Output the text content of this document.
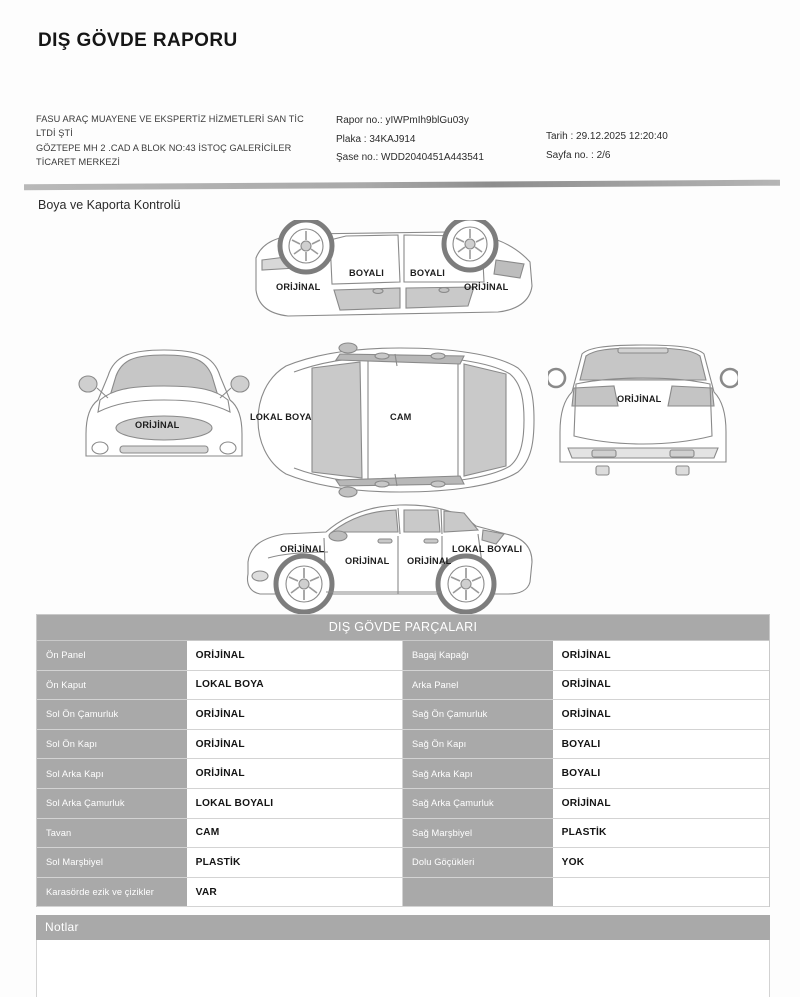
DIŞ GÖVDE RAPORU
FASU ARAÇ MUAYENE VE EKSPERTİZ HİZMETLERİ SAN TİC
LTDİ ŞTİ
GÖZTEPE MH 2 .CAD A BLOK NO:43 İSTOÇ GALERİCİLER
TİCARET MERKEZİ
Rapor no.: yIWPmIh9blGu03y
Plaka : 34KAJ914
Şase no.: WDD2040451A443541
Tarih : 29.12.2025 12:20:40
Sayfa no. : 2/6
Boya ve Kaporta Kontrolü
ORİJİNAL
BOYALI	BOYALI
ORİJİNAL
ORİJİNAL
LOKAL BOYA	CAM
ORİJİNAL
ORİJİNAL
ORİJİNAL ORİJİNAL
LOKAL BOYALI
DIŞ GÖVDE PARÇALARI
Ön Panel	ORİJİNAL	Bagaj Kapağı	ORİJİNAL
Ön Kaput	LOKAL BOYA	Arka Panel	ORİJİNAL
Sol Ön Çamurluk	ORİJİNAL	Sağ Ön Çamurluk	ORİJİNAL
Sol Ön Kapı	ORİJİNAL	Sağ Ön Kapı	BOYALI
Sol Arka Kapı	ORİJİNAL	Sağ Arka Kapı	BOYALI
Sol Arka Çamurluk	LOKAL BOYALI	Sağ Arka Çamurluk	ORİJİNAL
Tavan	CAM	Sağ Marşbiyel	PLASTİK
Sol Marşbiyel	PLASTİK	Dolu Göçükleri	YOK
Karasörde ezik ve çizikler	VAR
Notlar
